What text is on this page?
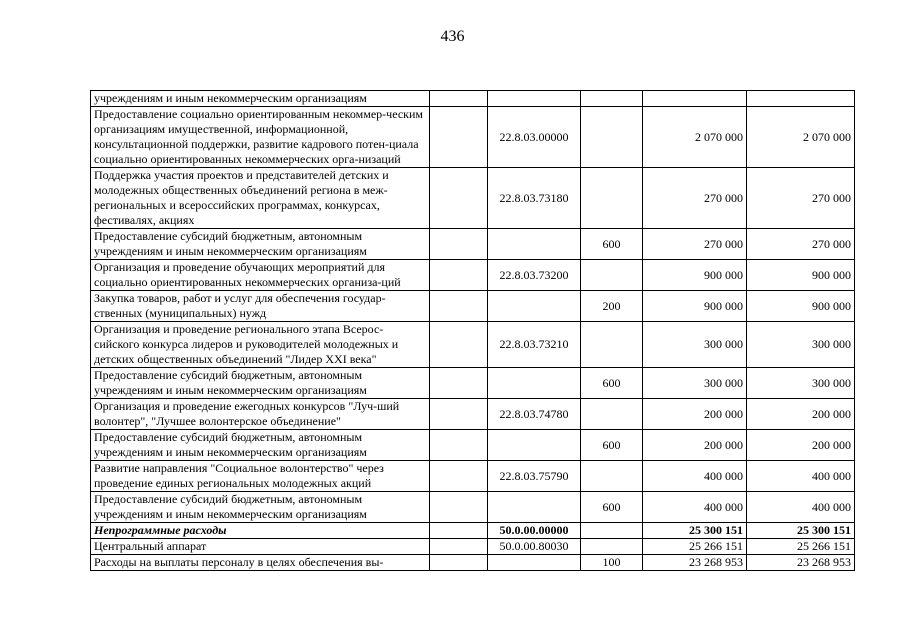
436
учреждениям и иным некоммерческим организациям					
Предоставление социально ориентированным некоммер-ческим организациям имущественной, информационной, консультационной поддержки, развитие кадрового потен-циала социально ориентированных некоммерческих орга-низаций		22.8.03.00000		2 070 000	2 070 000
Поддержка участия проектов и представителей детских и молодежных общественных объединений региона в меж-региональных и всероссийских программах, конкурсах, фестивалях, акциях		22.8.03.73180		270 000	270 000
Предоставление субсидий бюджетным, автономным учреждениям и иным некоммерческим организациям			600	270 000	270 000
Организация и проведение обучающих мероприятий для социально ориентированных некоммерческих организа-ций		22.8.03.73200		900 000	900 000
Закупка товаров, работ и услуг для обеспечения государ-ственных (муниципальных) нужд			200	900 000	900 000
Организация и проведение регионального этапа Всерос-сийского конкурса лидеров и руководителей молодежных и детских общественных объединений "Лидер XXI века"		22.8.03.73210		300 000	300 000
Предоставление субсидий бюджетным, автономным учреждениям и иным некоммерческим организациям			600	300 000	300 000
Организация и проведение ежегодных конкурсов "Луч-ший волонтер", "Лучшее волонтерское объединение"		22.8.03.74780		200 000	200 000
Предоставление субсидий бюджетным, автономным учреждениям и иным некоммерческим организациям			600	200 000	200 000
Развитие направления "Социальное волонтерство" через проведение единых региональных молодежных акций		22.8.03.75790		400 000	400 000
Предоставление субсидий бюджетным, автономным учреждениям и иным некоммерческим организациям			600	400 000	400 000
Непрограммные расходы		50.0.00.00000		25 300 151	25 300 151
Центральный аппарат		50.0.00.80030		25 266 151	25 266 151
Расходы на выплаты персоналу в целях обеспечения вы-			100	23 268 953	23 268 953
